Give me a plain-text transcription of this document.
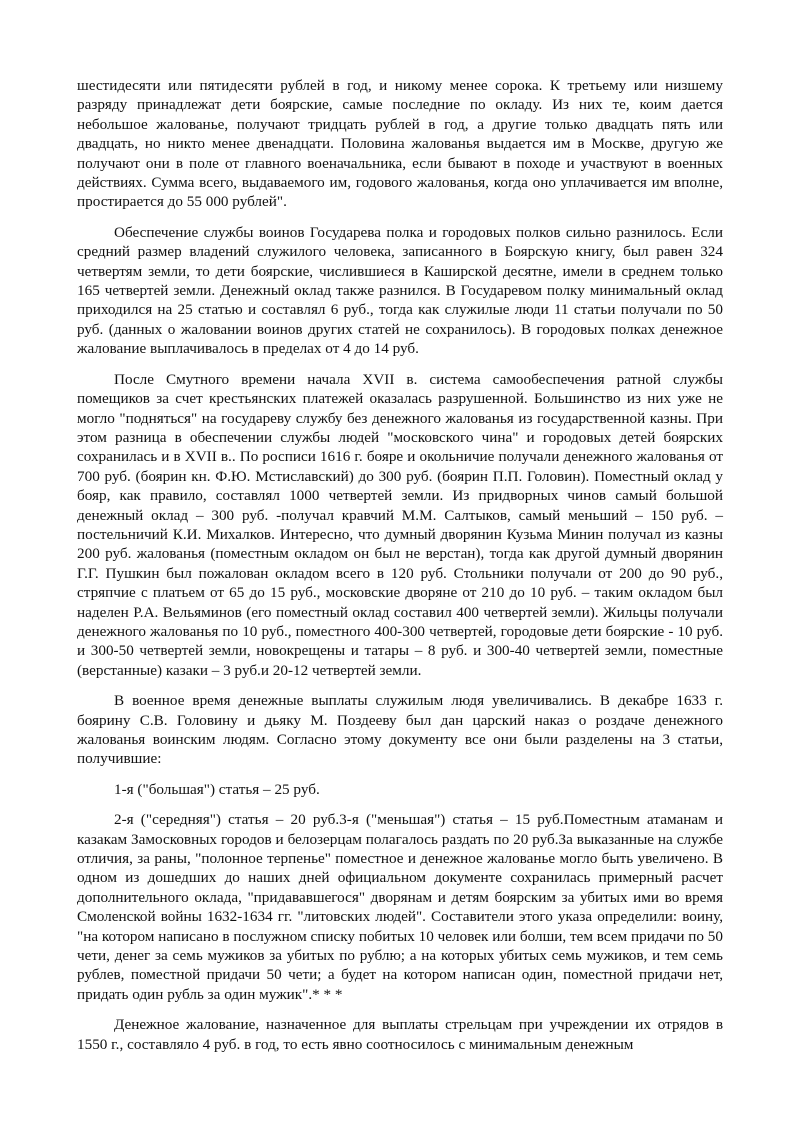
шестидесяти или пятидесяти рублей в год, и никому менее сорока. К третьему или низшему разряду принадлежат дети боярские, самые последние по окладу. Из них те, коим дается небольшое жалованье, получают тридцать рублей в год, а другие только двадцать пять или двадцать, но никто менее двенадцати. Половина жалованья выдается им в Москве, другую же получают они в поле от главного военачальника, если бывают в походе и участвуют в военных действиях. Сумма всего, выдаваемого им, годового жалованья, когда оно уплачивается им вполне, простирается до 55 000 рублей".

Обеспечение службы воинов Государева полка и городовых полков сильно разнилось. Если средний размер владений служилого человека, записанного в Боярскую книгу, был равен 324 четвертям земли, то дети боярские, числившиеся в Каширской десятне, имели в среднем только 165 четвертей земли. Денежный оклад также разнился. В Государевом полку минимальный оклад приходился на 25 статью и составлял 6 руб., тогда как служилые люди 11 статьи получали по 50 руб. (данных о жаловании воинов других статей не сохранилось). В городовых полках денежное жалование выплачивалось в пределах от 4 до 14 руб.

После Смутного времени начала XVII в. система самообеспечения ратной службы помещиков за счет крестьянских платежей оказалась разрушенной. Большинство из них уже не могло "подняться" на государеву службу без денежного жалованья из государственной казны. При этом разница в обеспечении службы людей "московского чина" и городовых детей боярских сохранилась и в XVII в.. По росписи 1616 г. бояре и окольничие получали денежного жалованья от 700 руб. (боярин кн. Ф.Ю. Мстиславский) до 300 руб. (боярин П.П. Головин). Поместный оклад у бояр, как правило, составлял 1000 четвертей земли. Из придворных чинов самый большой денежный оклад – 300 руб. -получал кравчий М.М. Салтыков, самый меньший – 150 руб. – постельничий К.И. Михалков. Интересно, что думный дворянин Кузьма Минин получал из казны 200 руб. жалованья (поместным окладом он был не верстан), тогда как другой думный дворянин Г.Г. Пушкин был пожалован окладом всего в 120 руб. Стольники получали от 200 до 90 руб., стряпчие с платьем от 65 до 15 руб., московские дворяне от 210 до 10 руб. – таким окладом был наделен Р.А. Вельяминов (его поместный оклад составил 400 четвертей земли). Жильцы получали денежного жалованья по 10 руб., поместного 400-300 четвертей, городовые дети боярские - 10 руб. и 300-50 четвертей земли, новокрещены и татары – 8 руб. и 300-40 четвертей земли, поместные (верстанные) казаки – 3 руб.и 20-12 четвертей земли.

В военное время денежные выплаты служилым людя увеличивались. В декабре 1633 г. боярину С.В. Головину и дьяку М. Поздееву был дан царский наказ о роздаче денежного жалованья воинским людям. Согласно этому документу все они были разделены на 3 статьи, получившие:

1-я ("большая") статья – 25 руб.

2-я ("середняя") статья – 20 руб.3-я ("меньшая") статья – 15 руб.Поместным атаманам и казакам Замосковных городов и белозерцам полагалось раздать по 20 руб.За выказанные на службе отличия, за раны, "полонное терпенье" поместное и денежное жалованье могло быть увеличено. В одном из дошедших до наших дней официальном документе сохранилась примерный расчет дополнительного оклада, "придававшегося" дворянам и детям боярским за убитых ими во время Смоленской войны 1632-1634 гг. "литовских людей". Составители этого указа определили: воину, "на котором написано в послужном списку побитых 10 человек или болши, тем всем придачи по 50 чети, денег за семь мужиков за убитых по рублю; а на которых убитых семь мужиков, и тем семь рублев, поместной придачи 50 чети; а будет на котором написан один, поместной придачи нет, придать один рубль за один мужик".* * *

Денежное жалование, назначенное для выплаты стрельцам при учреждении их отрядов в 1550 г., составляло 4 руб. в год, то есть явно соотносилось с минимальным денежным
